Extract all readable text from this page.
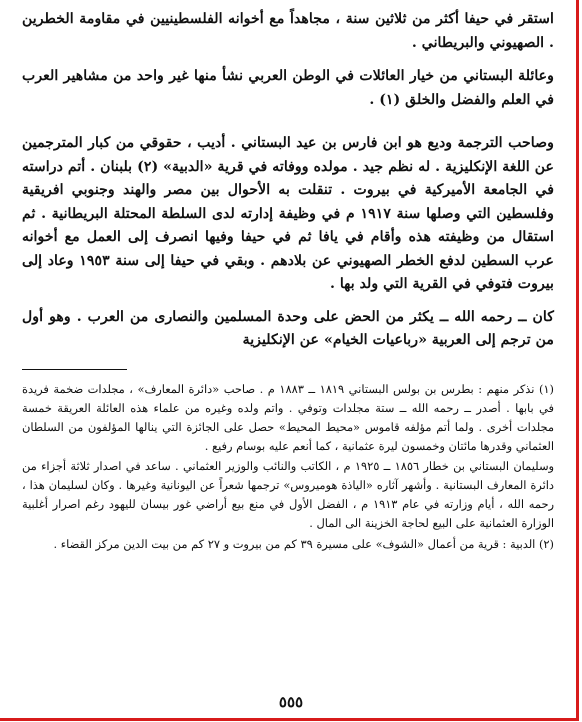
استقر في حيفا أكثر من ثلاثين سنة ، مجاهداً مع أخوانه الفلسطينيين في مقاومة الخطرين . الصهيوني والبريطاني .

وعائلة البستاني من خيار العائلات في الوطن العربي نشأ منها غير واحد من مشاهير العرب في العلم والفضل والخلق (١) .

وصاحب الترجمة وديع هو ابن فارس بن عيد البستاني . أديب ، حقوقي من كبار المترجمين عن اللغة الإنكليزية . له نظم جيد . مولده ووفاته في قرية «الدبية» (٢) بلبنان . أتم دراسته في الجامعة الأميركية في بيروت . تنقلت به الأحوال بين مصر والهند وجنوبي افريقية وفلسطين التي وصلها سنة ١٩١٧ م في وظيفة إدارته لدى السلطة المحتلة البريطانية . ثم استقال من وظيفته هذه وأقام في يافا ثم في حيفا وفيها انصرف إلى العمل مع أخوانه عرب السطين لدفع الخطر الصهيوني عن بلادهم . وبقي في حيفا إلى سنة ١٩٥٣ وعاد إلى بيروت فتوفي في القرية التي ولد بها .

كان ــ رحمه الله ــ يكثر من الحض على وحدة المسلمين والنصارى من العرب . وهو أول من ترجم إلى العربية «رباعيات الخيام» عن الإنكليزية

(١) نذكر منهم : بطرس بن بولس البستاني ١٨١٩ ــ ١٨٨٣ م . صاحب «دائرة المعارف» ، مجلدات ضخمة فريدة في بابها . أصدر ــ رحمه الله ــ ستة مجلدات وتوفي . واتم ولده وغيره من علماء هذه العائلة العريقة خمسة مجلدات أخرى . ولما أتم مؤلفه قاموس «محيط المحيط» حصل على الجائزة التي ينالها المؤلفون من السلطان العثماني وقدرها مائتان وخمسون ليرة عثمانية ، كما أنعم عليه بوسام رفيع .

وسليمان البستاني بن خطار ١٨٥٦ ــ ١٩٢٥ م ، الكاتب والنائب والوزير العثماني . ساعد في اصدار ثلاثة أجزاء من دائرة المعارف البستانية . وأشهر آثاره «الياذة هوميروس» ترجمها شعراً عن اليونانية وغيرها . وكان لسليمان هذا ، رحمه الله ، أيام وزارته في عام ١٩١٣ م ، الفضل الأول في منع بيع أراضي غور بيسان لليهود رغم اصرار أغلبية الوزارة العثمانية على البيع لحاجة الخزينة الى المال .

(٢) الدبية : قرية من أعمال «الشوف» على مسيرة ٣٩ كم من بيروت و ٢٧ كم من بيت الدين مركز القضاء .

٥٥٥
